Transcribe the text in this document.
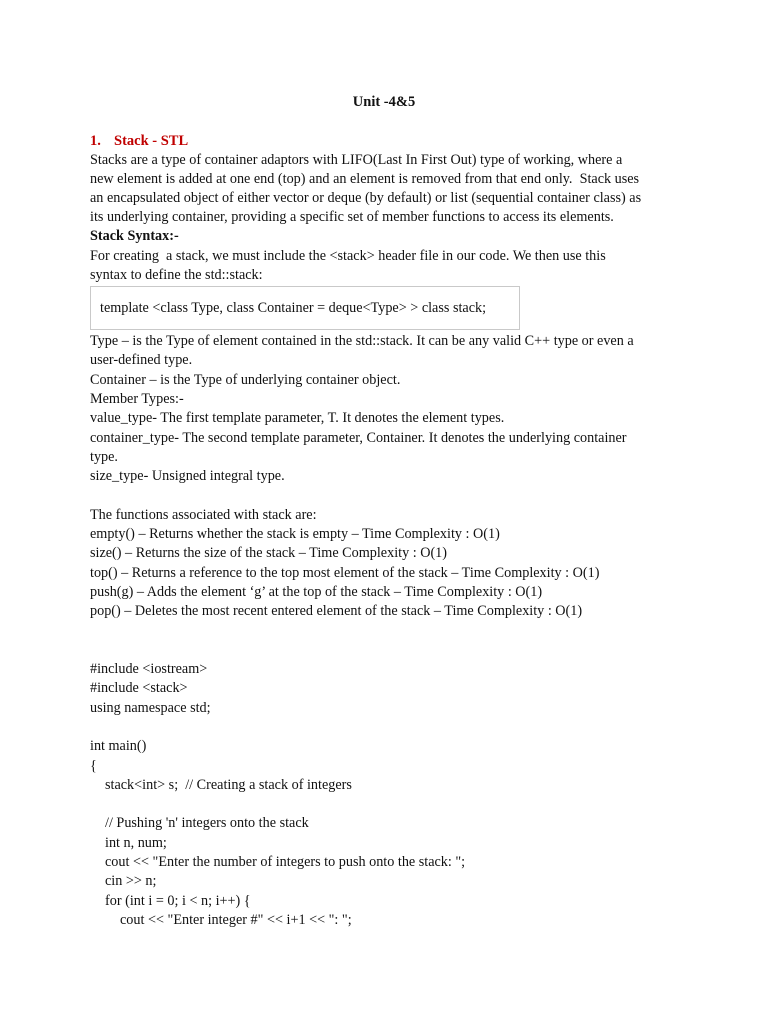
Unit -4&5
1. Stack - STL
Stacks are a type of container adaptors with LIFO(Last In First Out) type of working, where a
new element is added at one end (top) and an element is removed from that end only.  Stack uses
an encapsulated object of either vector or deque (by default) or list (sequential container class) as
its underlying container, providing a specific set of member functions to access its elements.
Stack Syntax:-
For creating  a stack, we must include the <stack> header file in our code. We then use this
syntax to define the std::stack:
template <class Type, class Container = deque<Type> > class stack;
Type – is the Type of element contained in the std::stack. It can be any valid C++ type or even a
user-defined type.
Container – is the Type of underlying container object.
Member Types:-
value_type- The first template parameter, T. It denotes the element types.
container_type- The second template parameter, Container. It denotes the underlying container
type.
size_type- Unsigned integral type.
The functions associated with stack are:
empty() – Returns whether the stack is empty – Time Complexity : O(1)
size() – Returns the size of the stack – Time Complexity : O(1)
top() – Returns a reference to the top most element of the stack – Time Complexity : O(1)
push(g) – Adds the element ‘g’ at the top of the stack – Time Complexity : O(1)
pop() – Deletes the most recent entered element of the stack – Time Complexity : O(1)
#include <iostream>
#include <stack>
using namespace std;
int main()
{
stack<int> s;  // Creating a stack of integers
// Pushing 'n' integers onto the stack
int n, num;
cout << "Enter the number of integers to push onto the stack: ";
cin >> n;
for (int i = 0; i < n; i++) {
cout << "Enter integer #" << i+1 << ": ";
